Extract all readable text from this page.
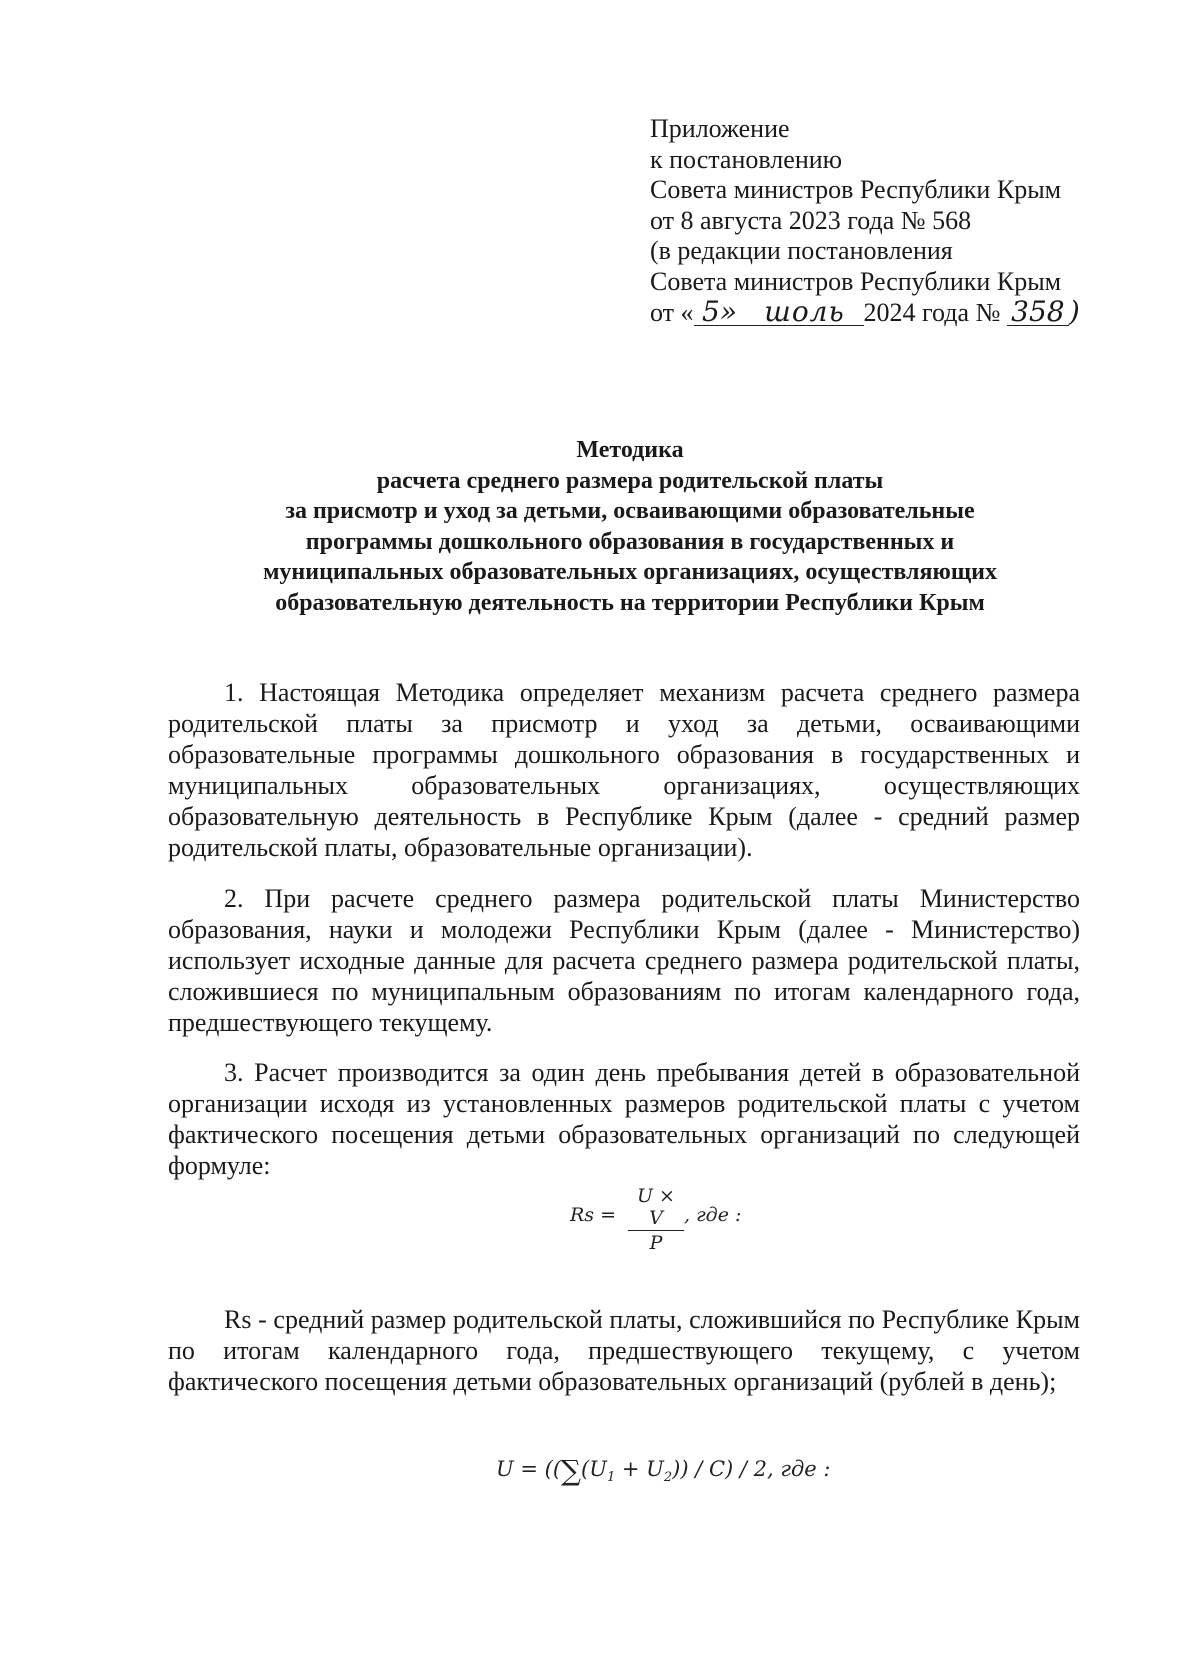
Приложение
к постановлению
Совета министров Республики Крым
от 8 августа 2023 года № 568
(в редакции постановления
Совета министров Республики Крым
от « 5» шоль 2024 года № 358 )
Методика
расчета среднего размера родительской платы
за присмотр и уход за детьми, осваивающими образовательные
программы дошкольного образования в государственных и
муниципальных образовательных организациях, осуществляющих
образовательную деятельность на территории Республики Крым

1. Настоящая Методика определяет механизм расчета среднего размера родительской платы за присмотр и уход за детьми, осваивающими образовательные программы дошкольного образования в государственных и муниципальных образовательных организациях, осуществляющих образовательную деятельность в Республике Крым (далее - средний размер родительской платы, образовательные организации).

2. При расчете среднего размера родительской платы Министерство образования, науки и молодежи Республики Крым (далее - Министерство) использует исходные данные для расчета среднего размера родительской платы, сложившиеся по муниципальным образованиям по итогам календарного года, предшествующего текущему.

3. Расчет производится за один день пребывания детей в образовательной организации исходя из установленных размеров родительской платы с учетом фактического посещения детьми образовательных организаций по следующей формуле:

$Rs = \frac{U \times V}{P}$ , где :

Rs - средний размер родительской платы, сложившийся по Республике Крым по итогам календарного года, предшествующего текущему, с учетом фактического посещения детьми образовательных организаций (рублей в день);

$U = ((\sum(U_1 + U_2)) / C) / 2$, где :
